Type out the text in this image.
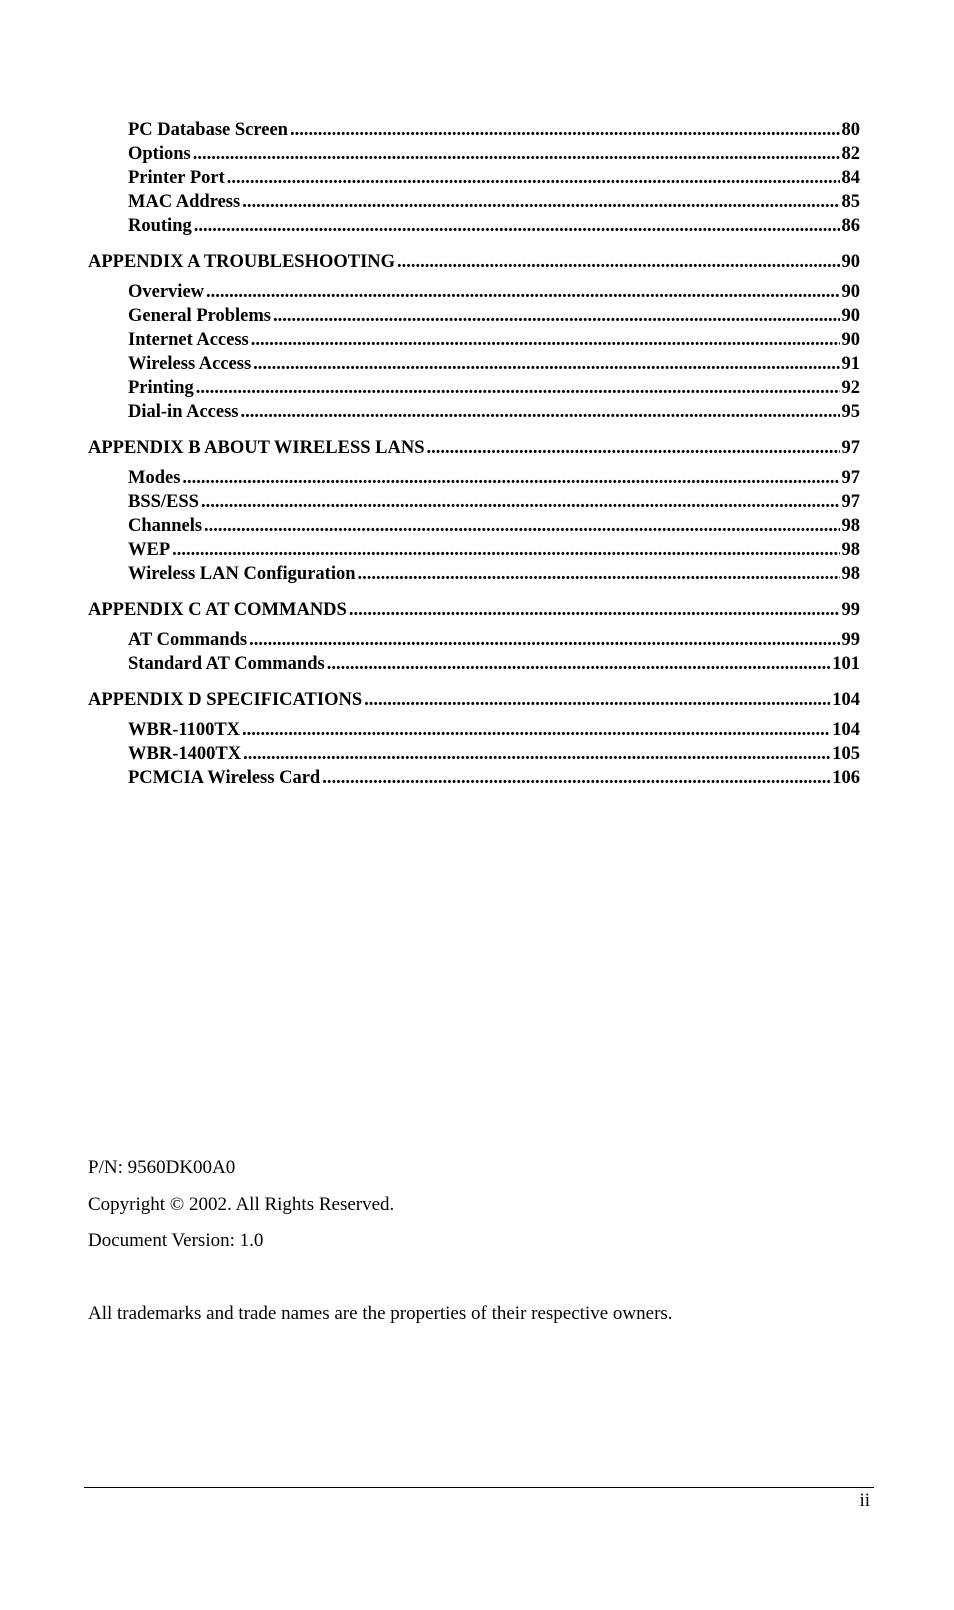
PC Database Screen .....	80
Options .....	82
Printer Port .....	84
MAC Address .....	85
Routing .....	86
APPENDIX A TROUBLESHOOTING .....	90
Overview .....	90
General Problems .....	90
Internet Access .....	90
Wireless Access .....	91
Printing .....	92
Dial-in Access .....	95
APPENDIX B ABOUT WIRELESS LANS .....	97
Modes .....	97
BSS/ESS .....	97
Channels .....	98
WEP .....	98
Wireless LAN Configuration .....	98
APPENDIX C AT COMMANDS .....	99
AT Commands .....	99
Standard AT Commands .....	101
APPENDIX D SPECIFICATIONS .....	104
WBR-1100TX .....	104
WBR-1400TX .....	105
PCMCIA Wireless Card .....	106
P/N: 9560DK00A0
Copyright © 2002. All Rights Reserved.
Document Version: 1.0
All trademarks and trade names are the properties of their respective owners.
ii
